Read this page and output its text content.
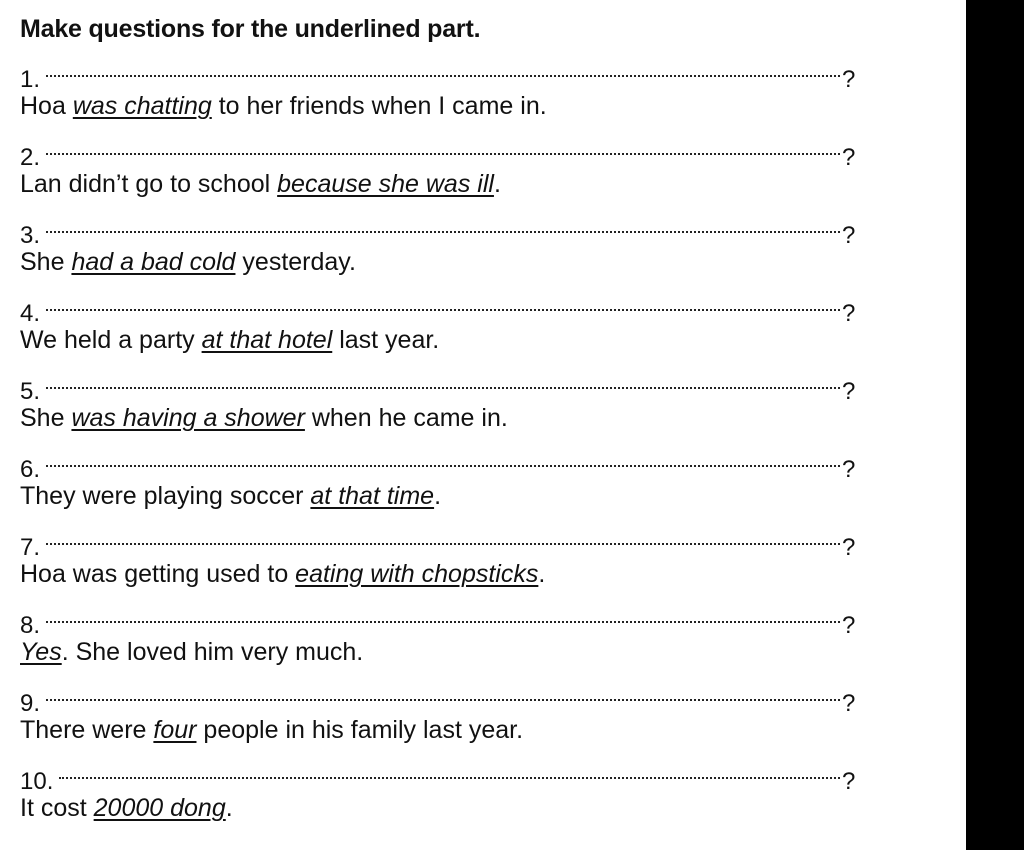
Make questions for the underlined part.
1.	?
Hoa was chatting to her friends when I came in.
2.	?
Lan didn’t go to school because she was ill.
3.	?
She had a bad cold yesterday.
4.	?
We held a party at that hotel last year.
5.	?
She was having a shower when he came in.
6.	?
They were playing soccer at that time.
7.	?
Hoa was getting used to eating with chopsticks.
8.	?
Yes. She loved him very much.
9.	?
There were four people in his family last year.
10.	?
It cost 20000 dong.
